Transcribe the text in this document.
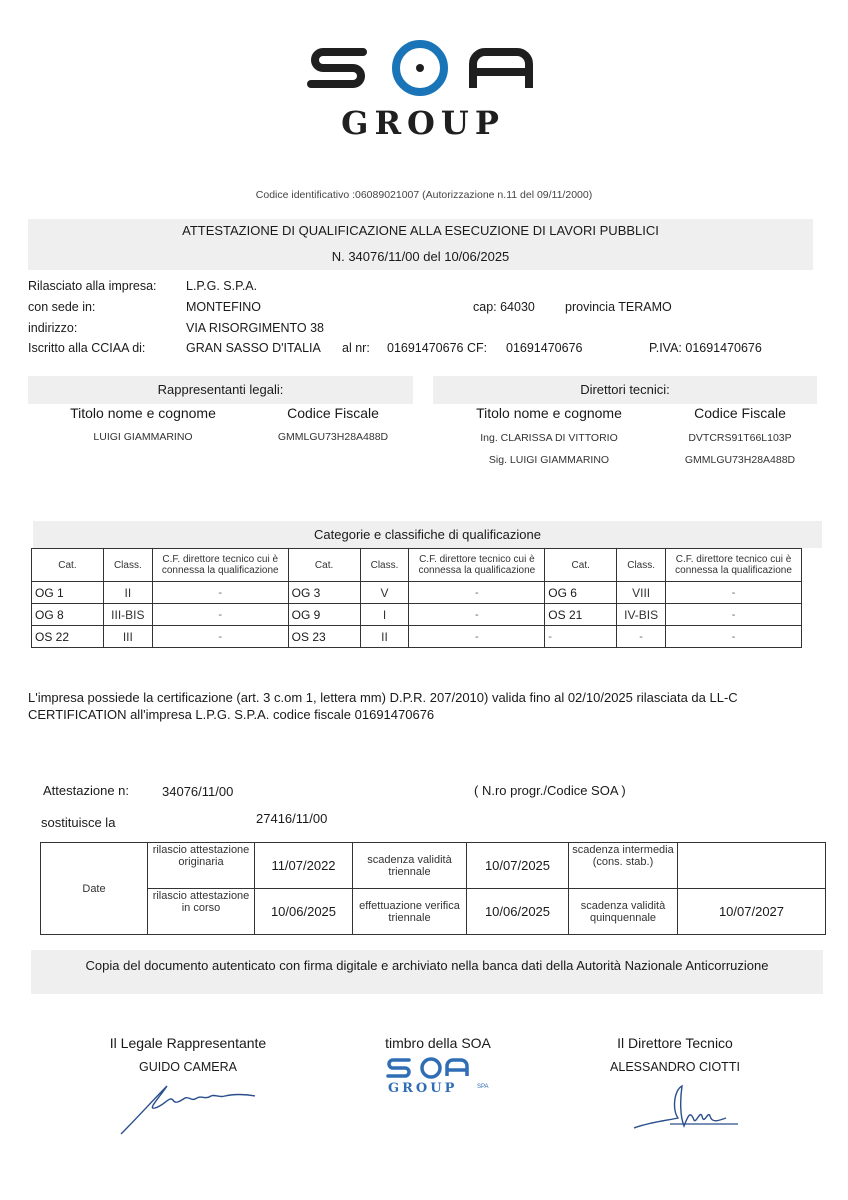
GROUP
Codice identificativo :06089021007 (Autorizzazione n.11 del 09/11/2000)
ATTESTAZIONE DI QUALIFICAZIONE ALLA ESECUZIONE DI LAVORI PUBBLICI
N. 34076/11/00 del 10/06/2025
Rilasciato alla impresa: L.P.G. S.P.A.
con sede in:	MONTEFINO	cap: 64030 provincia TERAMO
indirizzo:	VIA RISORGIMENTO 38
Iscritto alla CCIAA di:	GRAN SASSO D'ITALIA al nr: 01691470676 CF: 01691470676	P.IVA: 01691470676
Rappresentanti legali:
Titolo nome e cognome	Codice Fiscale
LUIGI GIAMMARINO	GMMLGU73H28A488D
Direttori tecnici:
Titolo nome e cognome	Codice Fiscale
Ing. CLARISSA DI VITTORIO	DVTCRS91T66L103P
Sig. LUIGI GIAMMARINO	GMMLGU73H28A488D
Categorie e classifiche di qualificazione
Cat.	Class.	C.F. direttore tecnico cui è connessa la qualificazione	Cat.	Class.	C.F. direttore tecnico cui è connessa la qualificazione	Cat.	Class.	C.F. direttore tecnico cui è connessa la qualificazione
OG 1	II	-	OG 3	V	-	OG 6	VIII	-
OG 8	III-BIS	-	OG 9	I	-	OS 21	IV-BIS	-
OS 22	III	-	OS 23	II	-	-	-	-
L'impresa possiede la certificazione (art. 3 c.om 1, lettera mm) D.P.R. 207/2010) valida fino al 02/10/2025 rilasciata da LL-C CERTIFICATION all'impresa L.P.G. S.P.A. codice fiscale 01691470676
Attestazione n:	34076/11/00	( N.ro progr./Codice SOA )
sostituisce la	27416/11/00
Date	rilascio attestazione originaria	11/07/2022	scadenza validità triennale	10/07/2025	scadenza intermedia (cons. stab.)	
	rilascio attestazione in corso	10/06/2025	effettuazione verifica triennale	10/06/2025	scadenza validità quinquennale	10/07/2027
Copia del documento autenticato con firma digitale e archiviato nella banca dati della Autorità Nazionale Anticorruzione
Il Legale Rappresentante
GUIDO CAMERA
timbro della SOA
GROUP	SPA
Il Direttore Tecnico
ALESSANDRO CIOTTI
